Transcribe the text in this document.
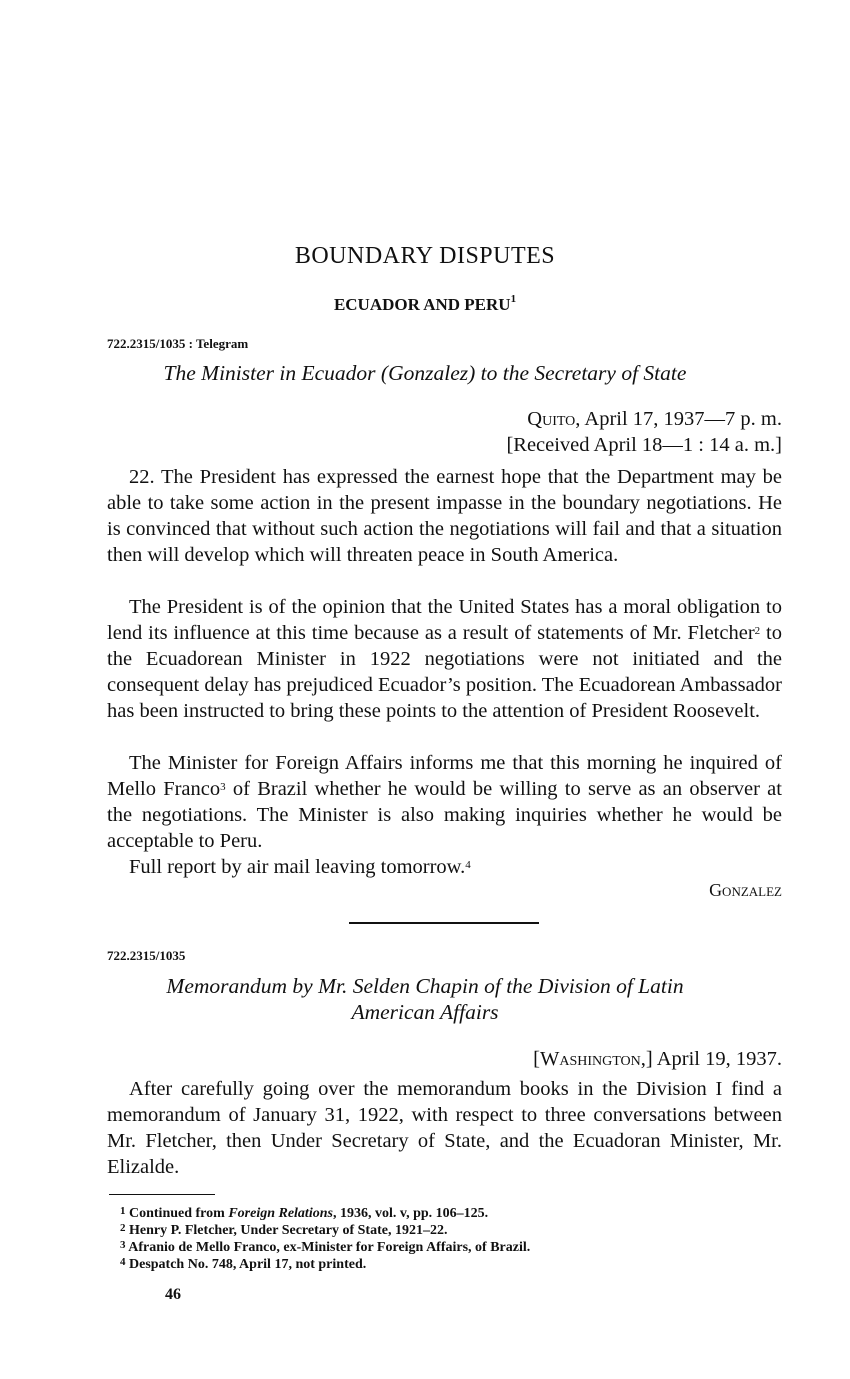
BOUNDARY DISPUTES
ECUADOR AND PERU$^1$
722.2315/1035 : Telegram
The Minister in Ecuador (Gonzalez) to the Secretary of State
Quito, April 17, 1937—7 p. m.
[Received April 18—1 : 14 a. m.]

22. The President has expressed the earnest hope that the Department may be able to take some action in the present impasse in the boundary negotiations. He is convinced that without such action the negotiations will fail and that a situation then will develop which will threaten peace in South America.

The President is of the opinion that the United States has a moral obligation to lend its influence at this time because as a result of statements of Mr. Fletcher$^2$ to the Ecuadorean Minister in 1922 negotiations were not initiated and the consequent delay has prejudiced Ecuador’s position. The Ecuadorean Ambassador has been instructed to bring these points to the attention of President Roosevelt.

The Minister for Foreign Affairs informs me that this morning he inquired of Mello Franco$^3$ of Brazil whether he would be willing to serve as an observer at the negotiations. The Minister is also making inquiries whether he would be acceptable to Peru.

Full report by air mail leaving tomorrow.$^4$

Gonzalez
722.2315/1035
Memorandum by Mr. Selden Chapin of the Division of Latin
American Affairs
[Washington,] April 19, 1937.

After carefully going over the memorandum books in the Division I find a memorandum of January 31, 1922, with respect to three conversations between Mr. Fletcher, then Under Secretary of State, and the Ecuadoran Minister, Mr. Elizalde.

$^1$ Continued from Foreign Relations, 1936, vol. v, pp. 106–125.
$^2$ Henry P. Fletcher, Under Secretary of State, 1921–22.
$^3$ Afranio de Mello Franco, ex-Minister for Foreign Affairs, of Brazil.
$^4$ Despatch No. 748, April 17, not printed.
46
